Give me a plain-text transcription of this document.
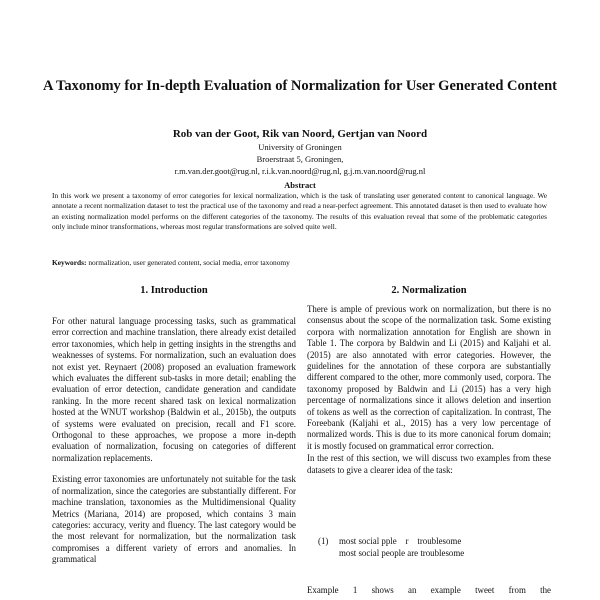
A Taxonomy for In-depth Evaluation of Normalization for User Generated Content
Rob van der Goot, Rik van Noord, Gertjan van Noord
University of Groningen
Broerstraat 5, Groningen,
r.m.van.der.goot@rug.nl, r.i.k.van.noord@rug.nl, g.j.m.van.noord@rug.nl
Abstract
In this work we present a taxonomy of error categories for lexical normalization, which is the task of translating user generated content to canonical language. We annotate a recent normalization dataset to test the practical use of the taxonomy and read a near-perfect agreement. This annotated dataset is then used to evaluate how an existing normalization model performs on the different categories of the taxonomy. The results of this evaluation reveal that some of the problematic categories only include minor transformations, whereas most regular transformations are solved quite well.
Keywords: normalization, user generated content, social media, error taxonomy
1. Introduction

For other natural language processing tasks, such as grammatical error correction and machine translation, there already exist detailed error taxonomies, which help in getting insights in the strengths and weaknesses of systems. For normalization, such an evaluation does not exist yet. Reynaert (2008) proposed an evaluation framework which evaluates the different sub-tasks in more detail; enabling the evaluation of error detection, candidate generation and candidate ranking. In the more recent shared task on lexical normalization hosted at the WNUT workshop (Baldwin et al., 2015b), the outputs of systems were evaluated on precision, recall and F1 score. Orthogonal to these approaches, we propose a more in-depth evaluation of normalization, focusing on categories of different normalization replacements.

Existing error taxonomies are unfortunately not suitable for the task of normalization, since the categories are substantially different. For machine translation, taxonomies as the Multidimensional Quality Metrics (Mariana, 2014) are proposed, which contains 3 main categories: accuracy, verity and fluency. The last category would be the most relevant for normalization, but the normalization task compromises a different variety of errors and anomalies. In grammatical

2. Normalization

There is ample of previous work on normalization, but there is no consensus about the scope of the normalization task. Some existing corpora with normalization annotation for English are shown in Table 1. The corpora by Baldwin and Li (2015) and Kaljahi et al. (2015) are also annotated with error categories. However, the guidelines for the annotation of these corpora are substantially different compared to the other, more commonly used, corpora. The taxonomy proposed by Baldwin and Li (2015) has a very high percentage of normalizations since it allows deletion and insertion of tokens as well as the correction of capitalization. In contrast, The Foreebank (Kaljahi et al., 2015) has a very low percentage of normalized words. This is due to its more canonical forum domain; it is mostly focused on grammatical error correction.

In the rest of this section, we will discuss two examples from these datasets to give a clearer idea of the task:

(1) most social pple    r    troublesome
most social people are troublesome
Example 1 shows an example tweet from the
